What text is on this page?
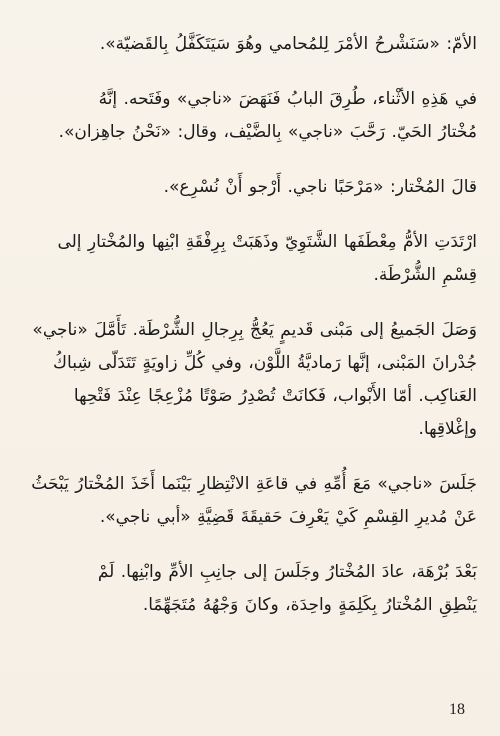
الأمّ: «سَنَشْرحُ الأمْرَ لِلمُحامي وهُوَ سَيَتَكَفَّلُ بِالقَضيّة».
في هَذِهِ الأثْناء، طُرِقَ البابُ فَنَهَضَ «ناجي» وفَتَحه. إنَّهُ
مُخْتارُ الحَيّ. رَحَّبَ «ناجي» بِالضَّيْف، وقال: «نَحْنُ جاهِزان».
قالَ المُخْتار: «مَرْحَبًا ناجي. أَرْجو أَنْ نُسْرِع».
ارْتَدَتِ الأمُّ مِعْطَفَها الشَّتَوِيّ وذَهَبَتْ بِرِفْقَةِ ابْنِها والمُخْتارِ إلى
قِسْمِ الشُّرْطَة.
وَصَلَ الجَميعُ إلى مَبْنى قَديمٍ يَعُجُّ بِرِجالِ الشُّرْطَة. تَأَمَّلَ «ناجي»
جُدْرانَ المَبْنى، إنَّها رَماديَّةُ اللَّوْن، وفي كُلِّ زاويَةٍ تَتَدَلّى شِباكُ
العَناكِب. أمّا الأَبْواب، فَكانَتْ تُصْدِرُ صَوْتًا مُزْعِجًا عِنْدَ فَتْحِها
وإغْلاقِها.
جَلَسَ «ناجي» مَعَ أُمِّهِ في قاعَةِ الانْتِظارِ بَيْنَما أَخَذَ المُخْتارُ يَبْحَثُ
عَنْ مُديرِ القِسْمِ كَيْ يَعْرِفَ حَقيقَةَ قَضِيَّةِ «أبي ناجي».
بَعْدَ بُرْهَة، عادَ المُخْتارُ وجَلَسَ إلى جانِبِ الأمِّ وابْنِها. لَمْ
يَنْطِقِ المُخْتارُ بِكَلِمَةٍ واحِدَة، وكانَ وَجْهُهُ مُتَجَهِّمًا.
18
